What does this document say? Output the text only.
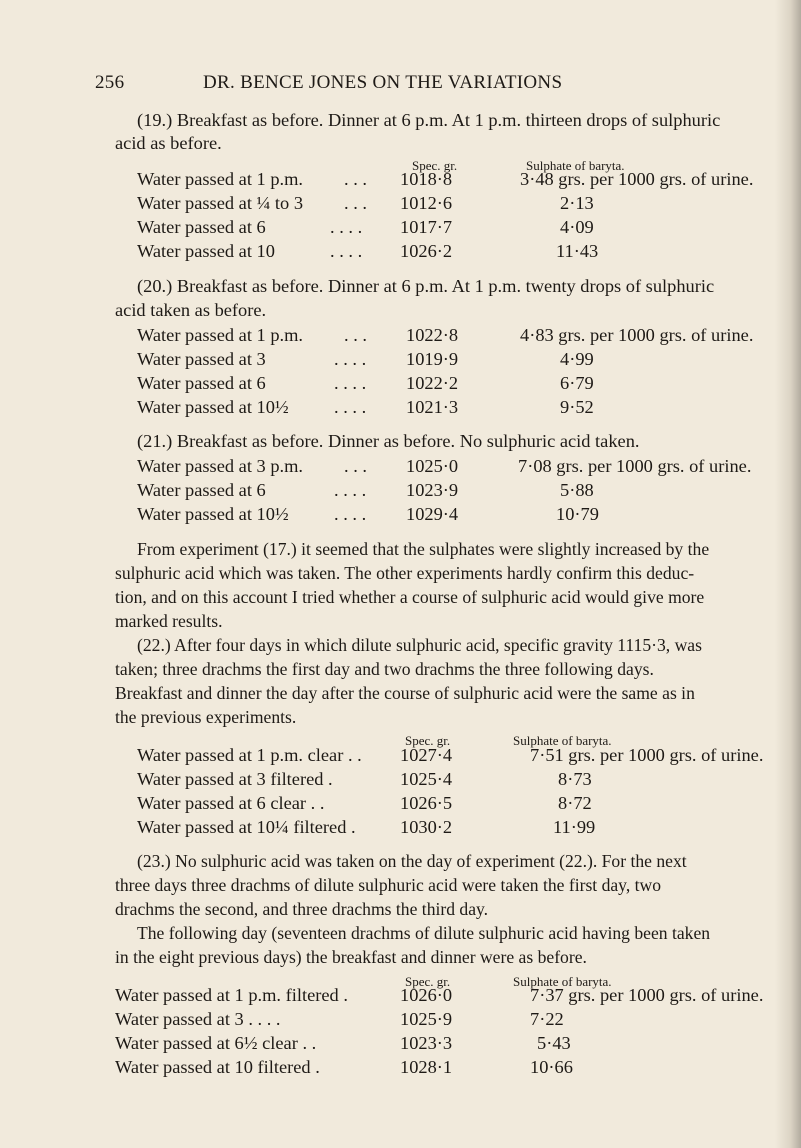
256	DR. BENCE JONES ON THE VARIATIONS
(19.) Breakfast as before. Dinner at 6 p.m. At 1 p.m. thirteen drops of sulphuric
acid as before.
Spec. gr.	Sulphate of baryta.
Water passed at 1 p.m. . . . 1018·8	3·48 grs. per 1000 grs. of urine.
Water passed at ¼ to 3 . . . 1012·6	2·13
Water passed at 6	. . . . 1017·7	4·09
Water passed at 10	. . . . 1026·2	11·43
(20.) Breakfast as before. Dinner at 6 p.m. At 1 p.m. twenty drops of sulphuric
acid taken as before.
Water passed at 1 p.m. . . . 1022·8	4·83 grs. per 1000 grs. of urine.
Water passed at 3	. . . . 1019·9	4·99
Water passed at 6	. . . . 1022·2	6·79
Water passed at 10½ . . . . 1021·3	9·52
(21.) Breakfast as before. Dinner as before. No sulphuric acid taken.
Water passed at 3 p.m. . . . 1025·0	7·08 grs. per 1000 grs. of urine.
Water passed at 6	. . . . 1023·9	5·88
Water passed at 10½ . . . . 1029·4	10·79
From experiment (17.) it seemed that the sulphates were slightly increased by the
sulphuric acid which was taken. The other experiments hardly confirm this deduc-
tion, and on this account I tried whether a course of sulphuric acid would give more
marked results.
(22.) After four days in which dilute sulphuric acid, specific gravity 1115·3, was
taken; three drachms the first day and two drachms the three following days.
Breakfast and dinner the day after the course of sulphuric acid were the same as in
the previous experiments.
Spec. gr.	Sulphate of baryta.
Water passed at 1 p.m. clear . . 1027·4	7·51 grs. per 1000 grs. of urine.
Water passed at 3 filtered .	1025·4	8·73
Water passed at 6 clear . .	1026·5	8·72
Water passed at 10¼ filtered . 1030·2	11·99
(23.) No sulphuric acid was taken on the day of experiment (22.). For the next
three days three drachms of dilute sulphuric acid were taken the first day, two
drachms the second, and three drachms the third day.
The following day (seventeen drachms of dilute sulphuric acid having been taken
in the eight previous days) the breakfast and dinner were as before.
Spec. gr.	Sulphate of baryta.
Water passed at 1 p.m. filtered .	1026·0	7·37 grs. per 1000 grs. of urine.
Water passed at 3 . . . .	1025·9	7·22
Water passed at 6½ clear . .	1023·3	5·43
Water passed at 10 filtered .	1028·1	10·66
